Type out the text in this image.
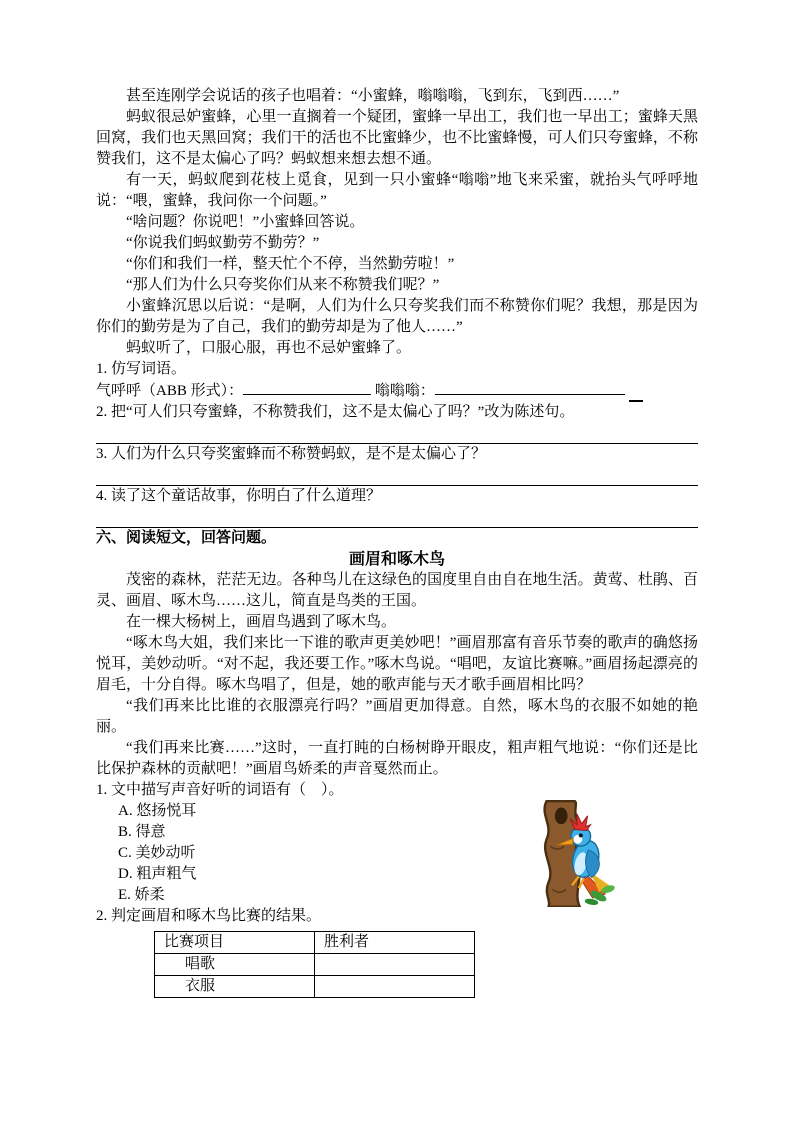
甚至连刚学会说话的孩子也唱着：“小蜜蜂，嗡嗡嗡，飞到东，飞到西……”

蚂蚁很忌妒蜜蜂，心里一直搁着一个疑团，蜜蜂一早出工，我们也一早出工；蜜蜂天黑回窝，我们也天黑回窝；我们干的活也不比蜜蜂少，也不比蜜蜂慢，可人们只夸蜜蜂，不称赞我们，这不是太偏心了吗？蚂蚁想来想去想不通。

有一天，蚂蚁爬到花枝上觅食，见到一只小蜜蜂“嗡嗡”地飞来采蜜，就抬头气呼呼地说：“喂，蜜蜂，我问你一个问题。”

“啥问题？你说吧！”小蜜蜂回答说。

“你说我们蚂蚁勤劳不勤劳？”

“你们和我们一样，整天忙个不停，当然勤劳啦！”

“那人们为什么只夸奖你们从来不称赞我们呢？”

小蜜蜂沉思以后说：“是啊，人们为什么只夸奖我们而不称赞你们呢？我想，那是因为你们的勤劳是为了自己，我们的勤劳却是为了他人……”

蚂蚁听了，口服心服，再也不忌妒蜜蜂了。

1. 仿写词语。

气呼呼（ABB 形式）：	嗡嗡嗡：

2. 把“可人们只夸蜜蜂，不称赞我们，这不是太偏心了吗？”改为陈述句。

3. 人们为什么只夸奖蜜蜂而不称赞蚂蚁，是不是太偏心了？

4. 读了这个童话故事，你明白了什么道理？

六、阅读短文，回答问题。

画眉和啄木鸟

茂密的森林，茫茫无边。各种鸟儿在这绿色的国度里自由自在地生活。黄莺、杜鹃、百灵、画眉、啄木鸟……这儿，简直是鸟类的王国。

在一棵大杨树上，画眉鸟遇到了啄木鸟。

“啄木鸟大姐，我们来比一下谁的歌声更美妙吧！”画眉那富有音乐节奏的歌声的确悠扬悦耳，美妙动听。“对不起，我还要工作。”啄木鸟说。“唱吧，友谊比赛嘛。”画眉扬起漂亮的眉毛，十分自得。啄木鸟唱了，但是，她的歌声能与天才歌手画眉相比吗？

“我们再来比比谁的衣服漂亮行吗？”画眉更加得意。自然，啄木鸟的衣服不如她的艳丽。

“我们再来比赛……”这时，一直打盹的白杨树睁开眼皮，粗声粗气地说：“你们还是比比保护森林的贡献吧！”画眉鸟娇柔的声音戛然而止。

1. 文中描写声音好听的词语有（　）。

A. 悠扬悦耳

B. 得意

C. 美妙动听

D. 粗声粗气

E. 娇柔

2. 判定画眉和啄木鸟比赛的结果。

比赛项目	胜利者
唱歌	
衣服	
